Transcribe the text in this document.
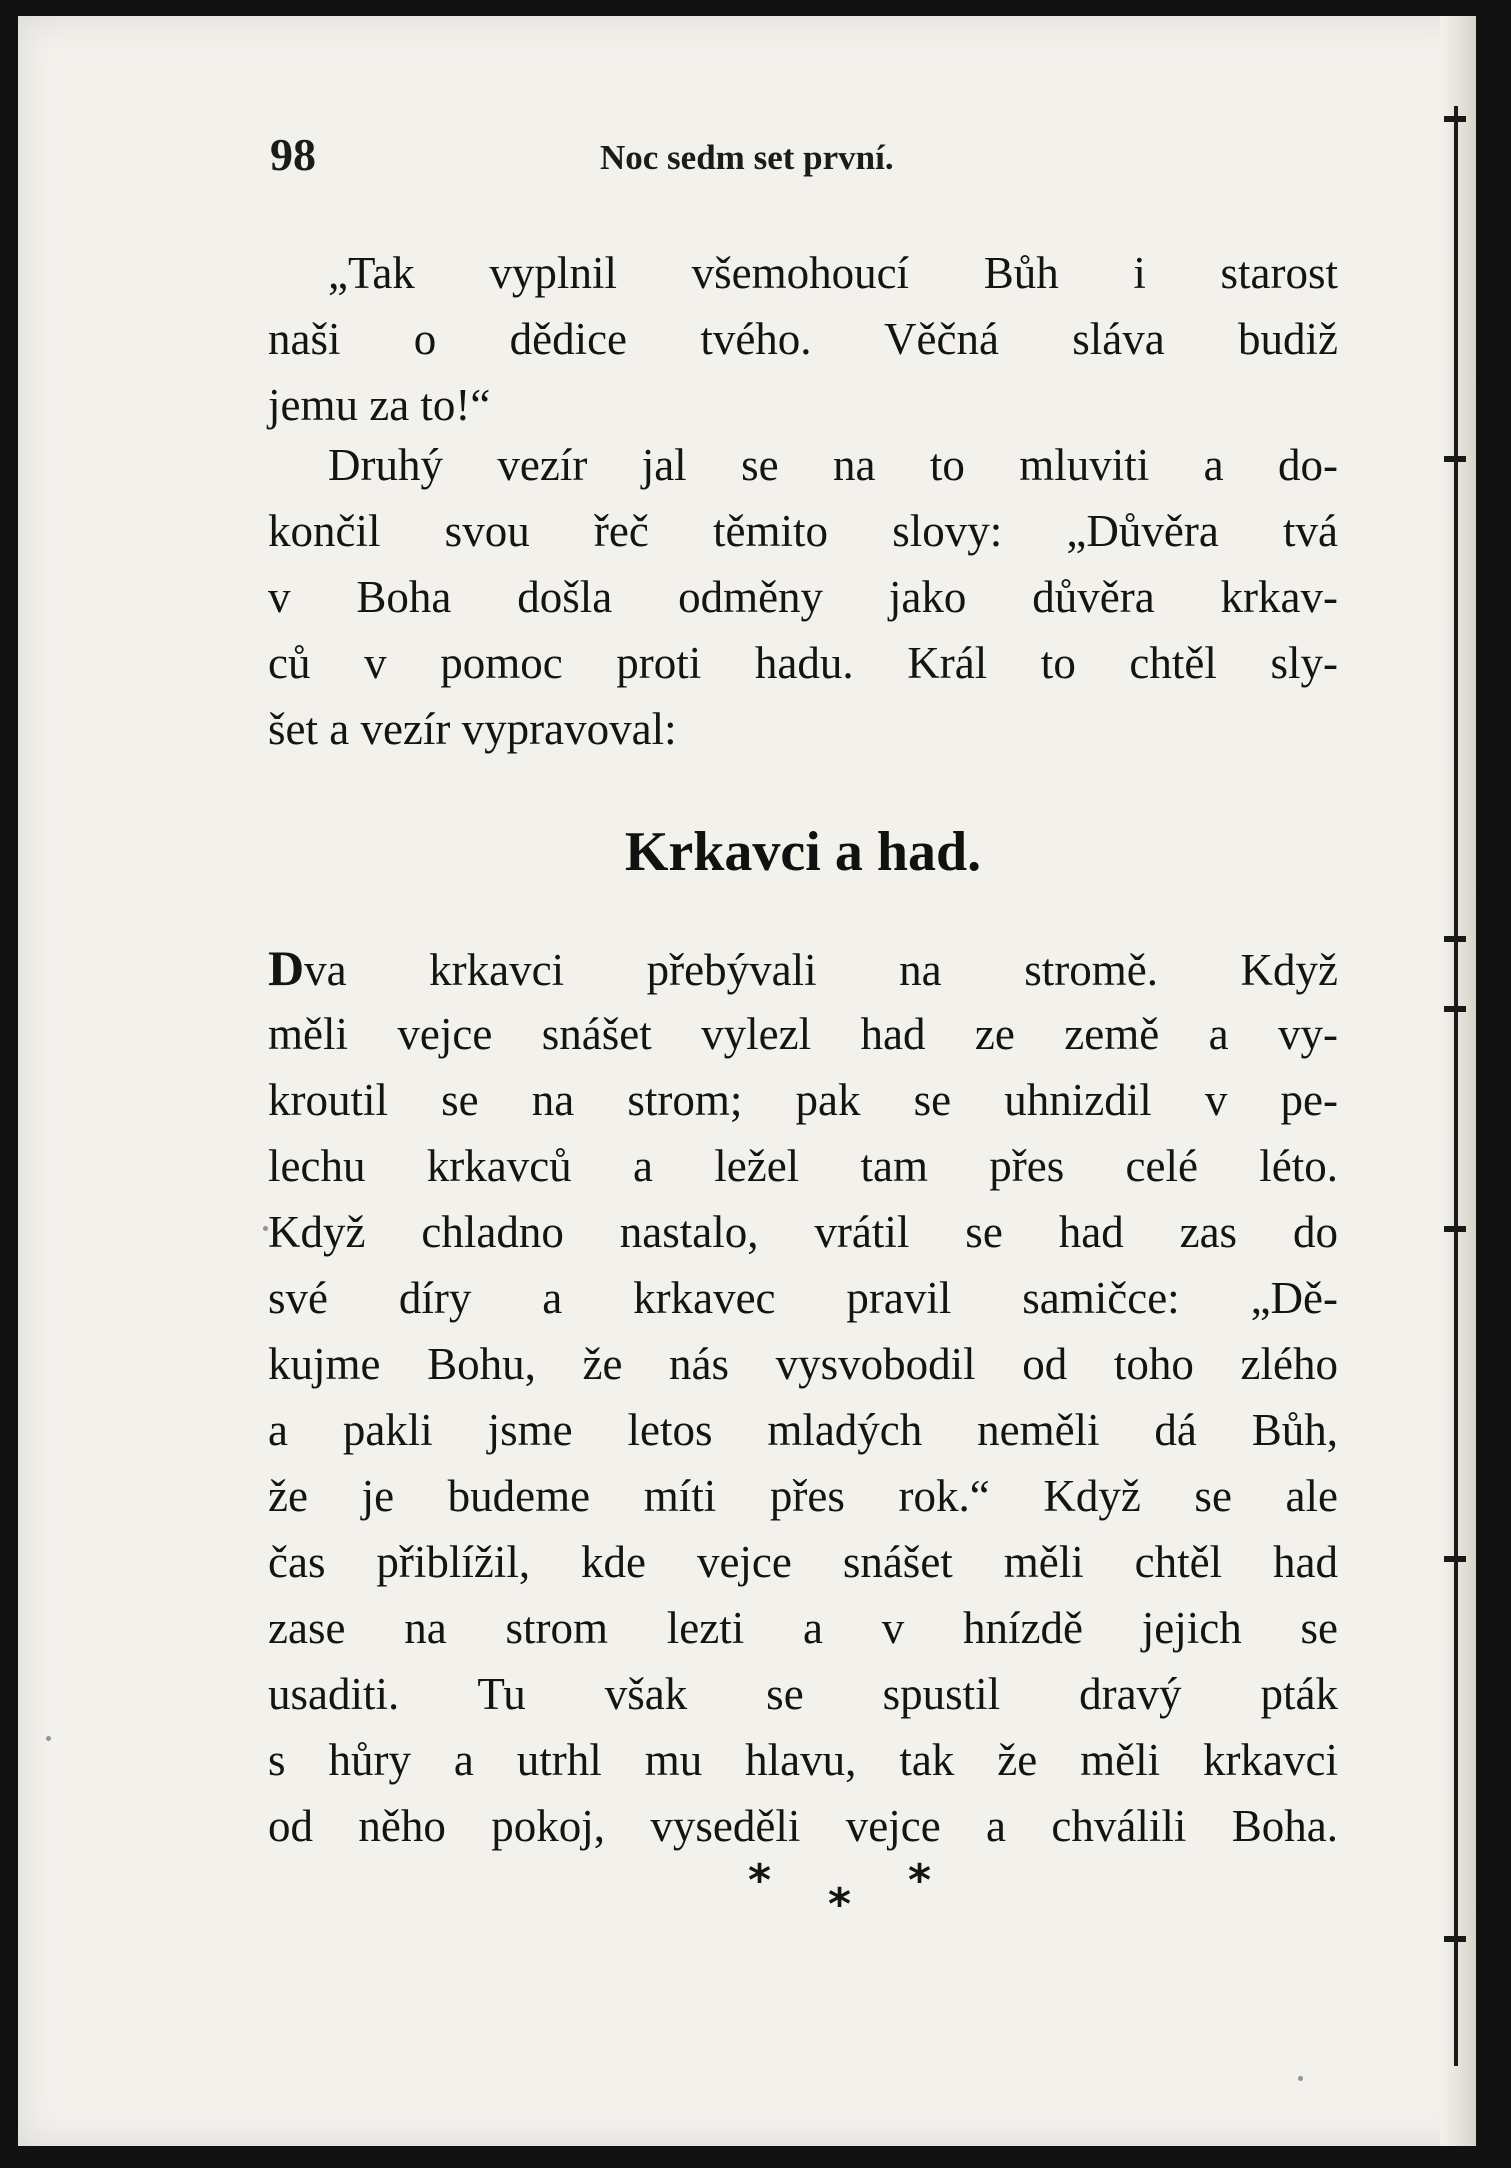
98	Noc sedm set první.
„Tak vyplnil všemohoucí Bůh i starost
naši o dědice tvého. Věčná sláva budiž
jemu za to!“
Druhý vezír jal se na to mluviti a do-
končil svou řeč těmito slovy: „Důvěra tvá
v Boha došla odměny jako důvěra krkav-
ců v pomoc proti hadu. Král to chtěl sly-
šet a vezír vypravoval:
Krkavci a had.
Dva krkavci přebývali na stromě. Když
měli vejce snášet vylezl had ze země a vy-
kroutil se na strom; pak se uhnizdil v pe-
lechu krkavců a ležel tam přes celé léto.
Když chladno nastalo, vrátil se had zas do
své díry a krkavec pravil samičce: „Dě-
kujme Bohu, že nás vysvobodil od toho zlého
a pakli jsme letos mladých neměli dá Bůh,
že je budeme míti přes rok.“ Když se ale
čas přiblížil, kde vejce snášet měli chtěl had
zase na strom lezti a v hnízdě jejich se
usaditi. Tu však se spustil dravý pták
s hůry a utrhl mu hlavu, tak že měli krkavci
od něho pokoj, vyseděli vejce a chválili Boha.
* * *
